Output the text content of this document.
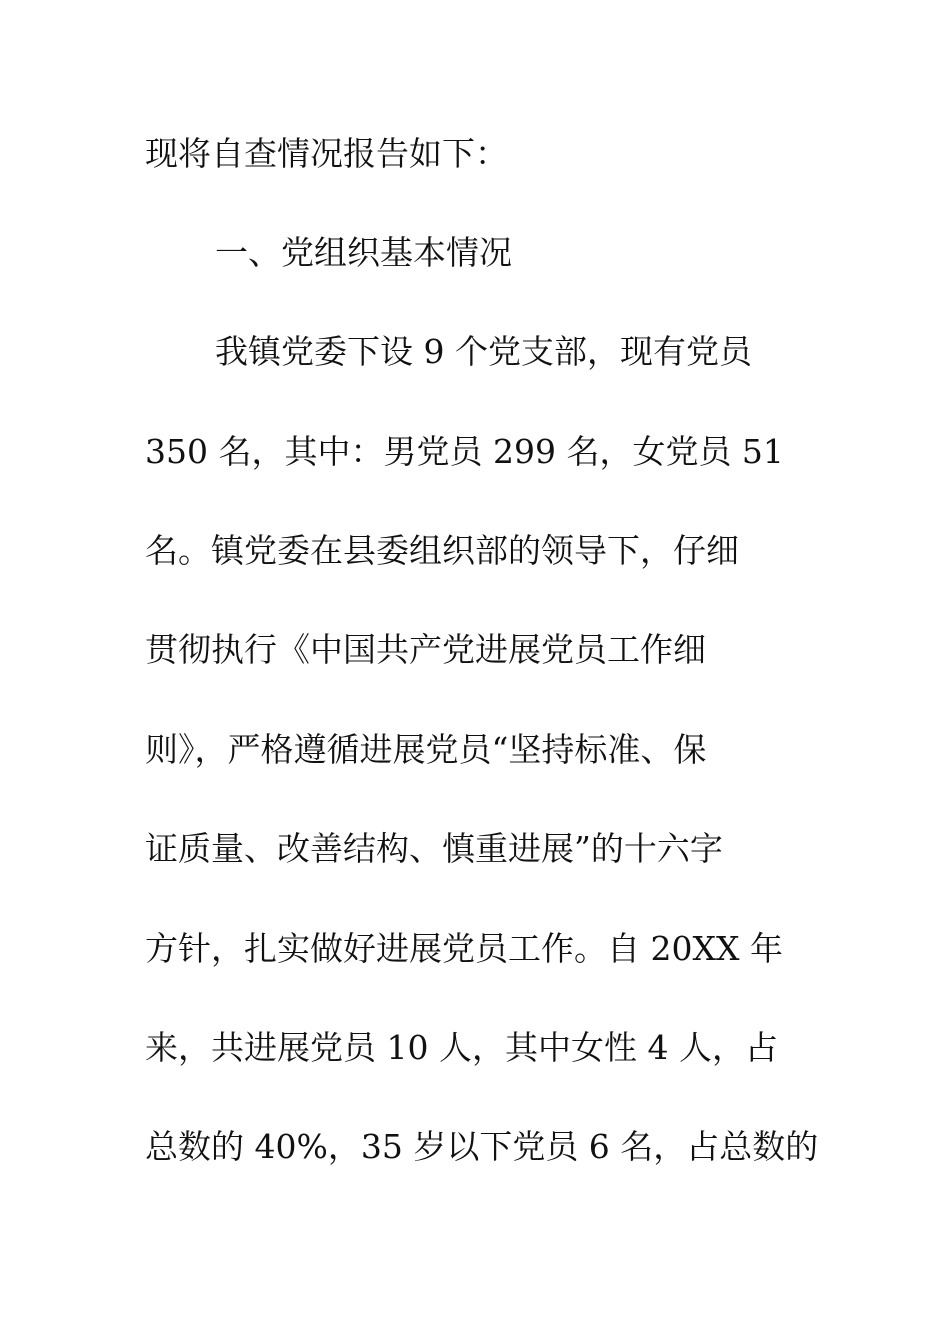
现将自查情况报告如下：
一、党组织基本情况
我镇党委下设 9 个党支部，现有党员
350 名，其中：男党员 299 名，女党员 51
名。镇党委在县委组织部的领导下，仔细
贯彻执行《中国共产党进展党员工作细
则》，严格遵循进展党员“坚持标准、保
证质量、改善结构、慎重进展”的十六字
方针，扎实做好进展党员工作。自 20XX 年
来，共进展党员 10 人，其中女性 4 人，占
总数的 40%，35 岁以下党员 6 名，占总数的
